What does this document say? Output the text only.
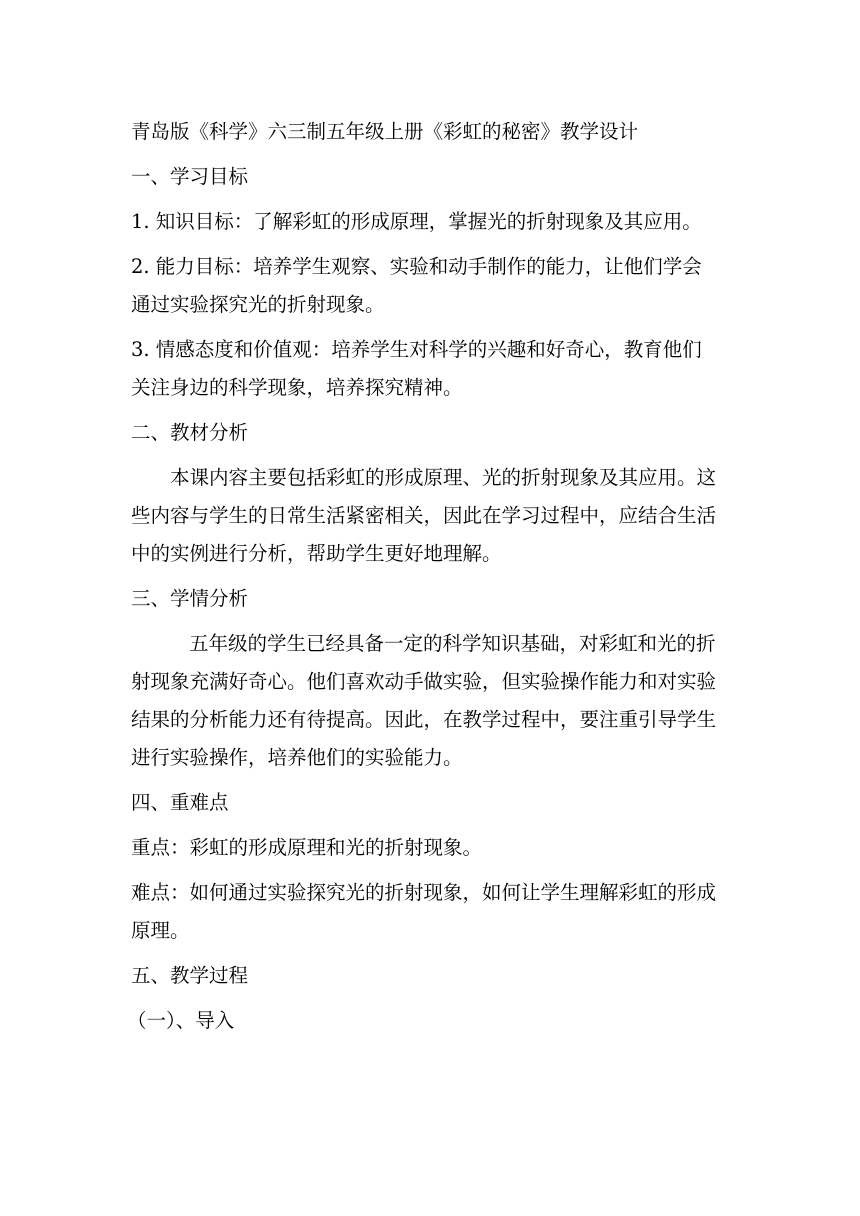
青岛版《科学》六三制五年级上册《彩虹的秘密》教学设计

一、学习目标

1. 知识目标：了解彩虹的形成原理，掌握光的折射现象及其应用。

2. 能力目标：培养学生观察、实验和动手制作的能力，让他们学会
通过实验探究光的折射现象。
3. 情感态度和价值观：培养学生对科学的兴趣和好奇心，教育他们
关注身边的科学现象，培养探究精神。

二、教材分析

本课内容主要包括彩虹的形成原理、光的折射现象及其应用。这
些内容与学生的日常生活紧密相关，因此在学习过程中，应结合生活
中的实例进行分析，帮助学生更好地理解。

三、学情分析

五年级的学生已经具备一定的科学知识基础，对彩虹和光的折
射现象充满好奇心。他们喜欢动手做实验，但实验操作能力和对实验
结果的分析能力还有待提高。因此，在教学过程中，要注重引导学生
进行实验操作，培养他们的实验能力。

四、重难点

重点：彩虹的形成原理和光的折射现象。

难点：如何通过实验探究光的折射现象，如何让学生理解彩虹的形成
原理。

五、教学过程

（一）、导入
